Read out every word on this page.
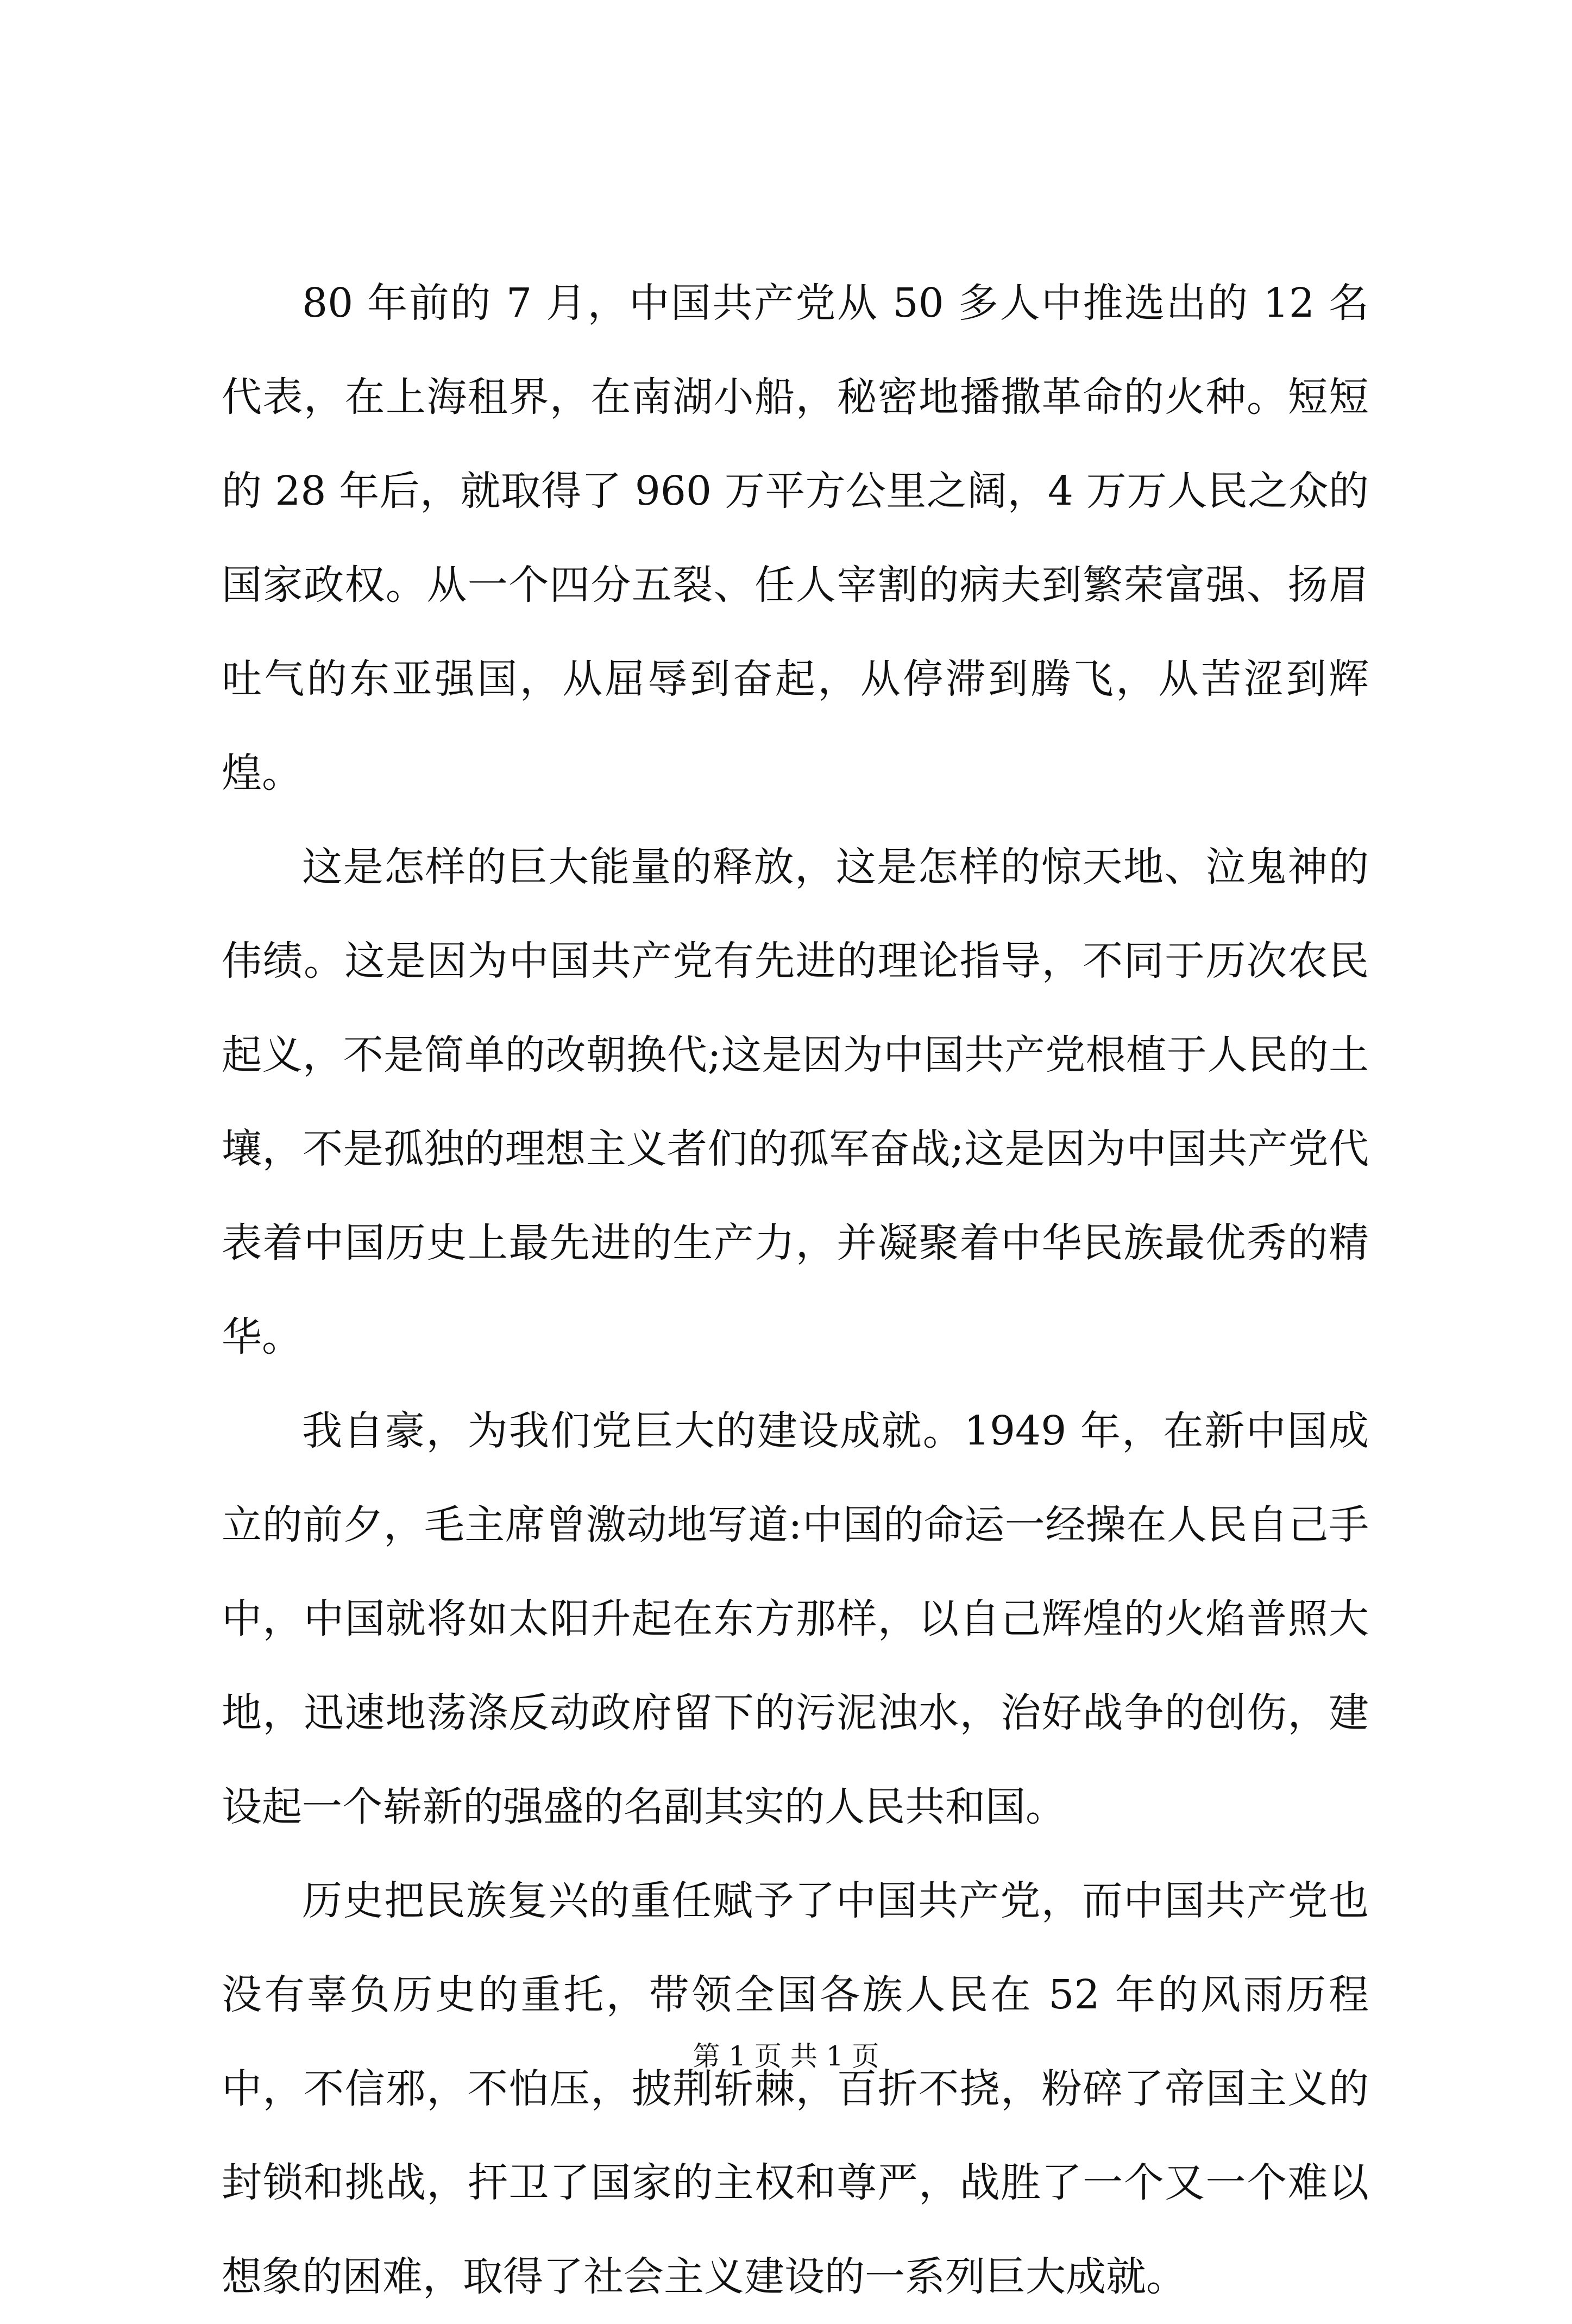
80 年前的 7 月，中国共产党从 50 多人中推选出的 12 名代表，在上海租界，在南湖小船，秘密地播撒革命的火种。短短的 28 年后，就取得了 960 万平方公里之阔，4 万万人民之众的国家政权。从一个四分五裂、任人宰割的病夫到繁荣富强、扬眉吐气的东亚强国，从屈辱到奋起，从停滞到腾飞，从苦涩到辉煌。

这是怎样的巨大能量的释放，这是怎样的惊天地、泣鬼神的伟绩。这是因为中国共产党有先进的理论指导，不同于历次农民起义，不是简单的改朝换代;这是因为中国共产党根植于人民的土壤，不是孤独的理想主义者们的孤军奋战;这是因为中国共产党代表着中国历史上最先进的生产力，并凝聚着中华民族最优秀的精华。

我自豪，为我们党巨大的建设成就。1949 年，在新中国成立的前夕，毛主席曾激动地写道:中国的命运一经操在人民自己手中，中国就将如太阳升起在东方那样，以自己辉煌的火焰普照大地，迅速地荡涤反动政府留下的污泥浊水，治好战争的创伤，建设起一个崭新的强盛的名副其实的人民共和国。

历史把民族复兴的重任赋予了中国共产党，而中国共产党也没有辜负历史的重托，带领全国各族人民在 52 年的风雨历程中，不信邪，不怕压，披荆斩棘，百折不挠，粉碎了帝国主义的封锁和挑战，扞卫了国家的主权和尊严，战胜了一个又一个难以想象的困难，取得了社会主义建设的一系列巨大成就。

第 1 页 共 1 页
